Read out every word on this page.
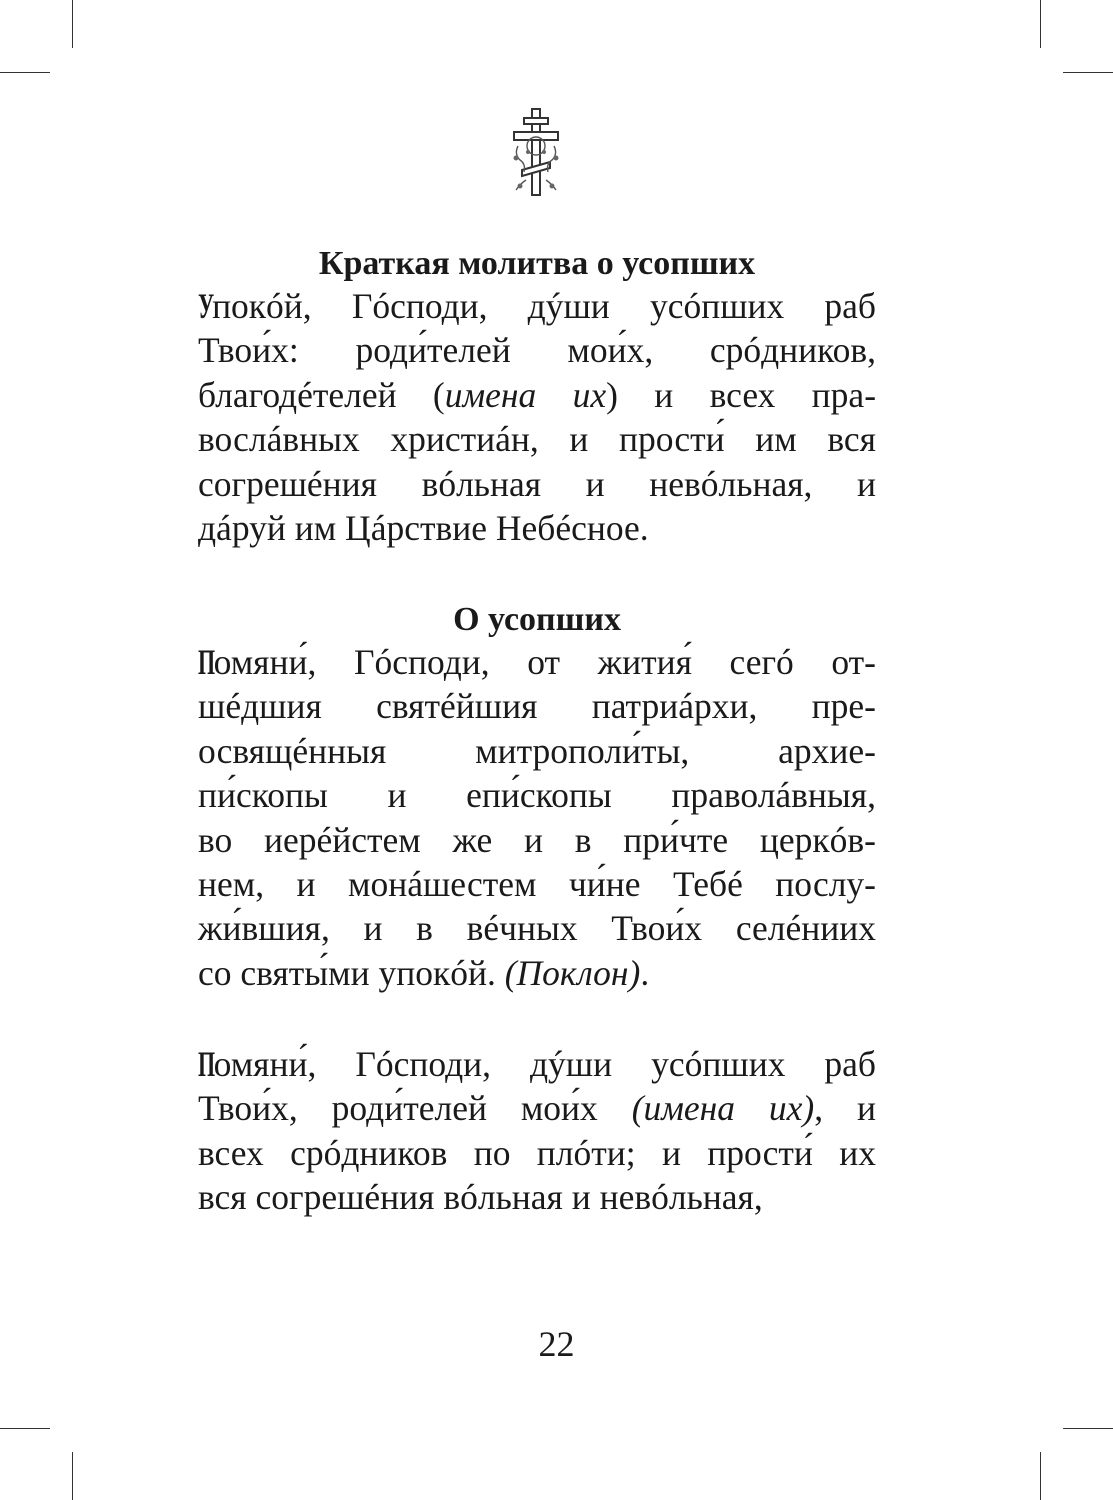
Краткая молитва о усопших

Упокóй, Гóсподи, дýши усóпших раб
Твои́х: роди́телей мои́х, срóдников,
благодéтелей (имена их) и всех пра-
вослáвных христиáн, и прости́ им вся
согрешéния вóльная и невóльная, и
дáруй им Цáрствие Небéсное.

О усопших

Помяни́, Гóсподи, от жития́ сегó от-
шéдшия святéйшия патриáрхи, пре-
освящéнныя митрополи́ты, архие-
пи́скопы и епи́скопы праволáвныя,
во иерéйстем же и в при́чте церкóв-
нем, и монáшестем чи́не Тебé послу-
жи́вшия, и в вéчных Твои́х селéниих
со святы́ми упокóй. (Поклон).

Помяни́, Гóсподи, дýши усóпших раб
Твои́х, роди́телей мои́х (имена их), и
всех срóдников по плóти; и прости́ их
вся согрешéния вóльная и невóльная,

22
